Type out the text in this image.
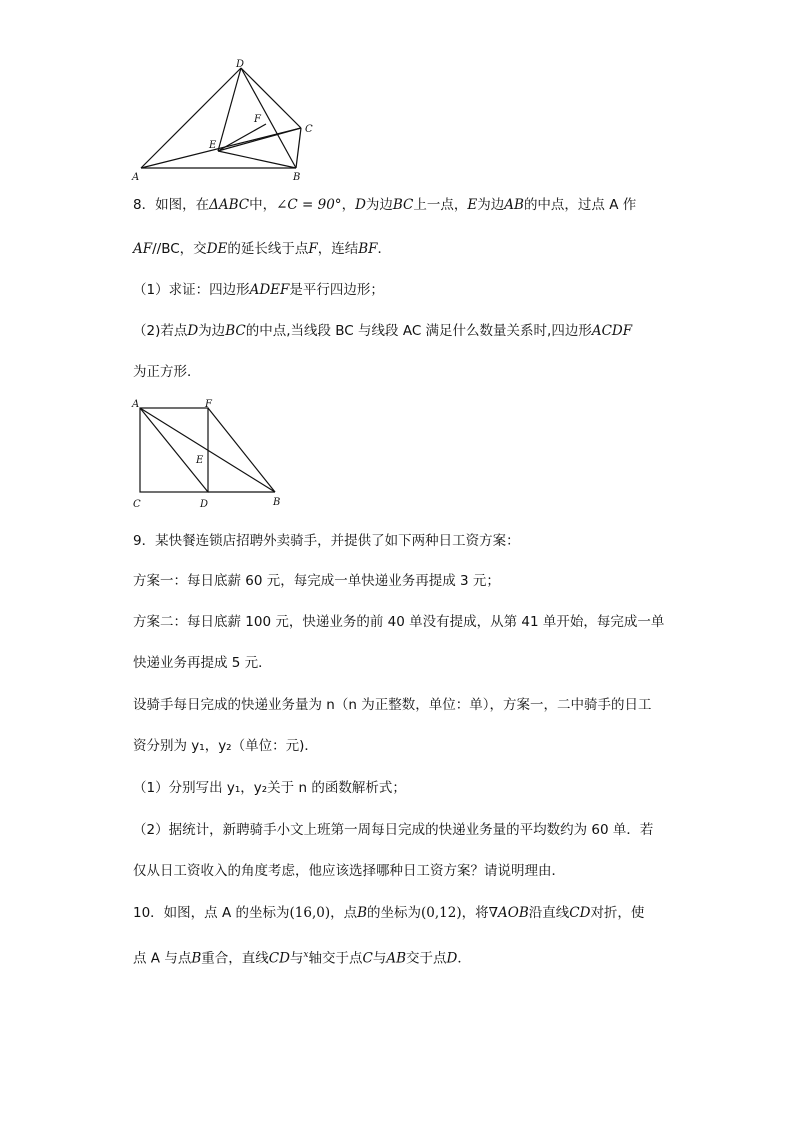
D
C
F
E
A	B
8．如图，在ΔABC中，∠C = 90°，D为边BC上一点，E为边AB的中点，过点 A 作
AF//BC，交DE的延长线于点F，连结BF．
（1）求证：四边形ADEF是平行四边形；
（2)若点D为边BC的中点,当线段 BC 与线段 AC 满足什么数量关系时,四边形ACDF
为正方形．
A	F
E
C	D	B
9．某快餐连锁店招聘外卖骑手，并提供了如下两种日工资方案：
方案一：每日底薪 60 元，每完成一单快递业务再提成 3 元；
方案二：每日底薪 100 元，快递业务的前 40 单没有提成，从第 41 单开始，每完成一单
快递业务再提成 5 元．
设骑手每日完成的快递业务量为 n（n 为正整数，单位：单），方案一，二中骑手的日工
资分别为 y₁，y₂（单位：元)．
（1）分别写出 y₁，y₂关于 n 的函数解析式；
（2）据统计，新聘骑手小文上班第一周每日完成的快递业务量的平均数约为 60 单．若
仅从日工资收入的角度考虑，他应该选择哪种日工资方案？请说明理由．
10．如图，点 A 的坐标为(16,0)，点B的坐标为(0,12)，将∇AOB沿直线CD对折，使
点 A 与点B重合，直线CD与$^x$轴交于点C与AB交于点D．
